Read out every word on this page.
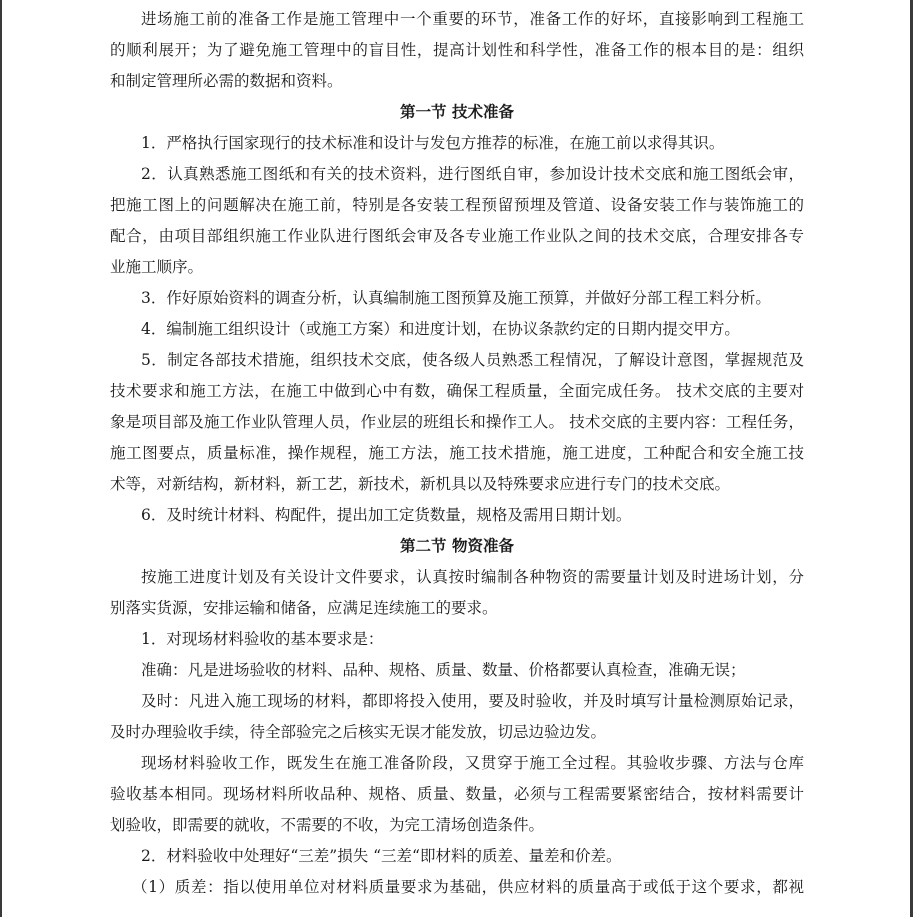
进场施工前的准备工作是施工管理中一个重要的环节，准备工作的好坏，直接影响到工程施工
的顺利展开；为了避免施工管理中的盲目性，提高计划性和科学性，准备工作的根本目的是：组织
和制定管理所必需的数据和资料。
第一节 技术准备
1．严格执行国家现行的技术标准和设计与发包方推荐的标准，在施工前以求得其识。
2．认真熟悉施工图纸和有关的技术资料，进行图纸自审，参加设计技术交底和施工图纸会审，
把施工图上的问题解决在施工前，特别是各安装工程预留预埋及管道、设备安装工作与装饰施工的
配合，由项目部组织施工作业队进行图纸会审及各专业施工作业队之间的技术交底，合理安排各专
业施工顺序。
3．作好原始资料的调查分析，认真编制施工图预算及施工预算，并做好分部工程工料分析。
4．编制施工组织设计（或施工方案）和进度计划，在协议条款约定的日期内提交甲方。
5．制定各部技术措施，组织技术交底，使各级人员熟悉工程情况，了解设计意图，掌握规范及
技术要求和施工方法，在施工中做到心中有数，确保工程质量，全面完成任务。 技术交底的主要对
象是项目部及施工作业队管理人员，作业层的班组长和操作工人。 技术交底的主要内容：工程任务，
施工图要点，质量标准，操作规程，施工方法，施工技术措施，施工进度，工种配合和安全施工技
术等，对新结构，新材料，新工艺，新技术，新机具以及特殊要求应进行专门的技术交底。
6．及时统计材料、构配件，提出加工定货数量，规格及需用日期计划。
第二节 物资准备
按施工进度计划及有关设计文件要求，认真按时编制各种物资的需要量计划及时进场计划，分
别落实货源，安排运输和储备，应满足连续施工的要求。
1．对现场材料验收的基本要求是：
准确：凡是进场验收的材料、品种、规格、质量、数量、价格都要认真检查，准确无误；
及时：凡进入施工现场的材料，都即将投入使用，要及时验收，并及时填写计量检测原始记录，
及时办理验收手续，待全部验完之后核实无误才能发放，切忌边验边发。
现场材料验收工作，既发生在施工准备阶段，又贯穿于施工全过程。其验收步骤、方法与仓库
验收基本相同。现场材料所收品种、规格、质量、数量，必须与工程需要紧密结合，按材料需要计
划验收，即需要的就收，不需要的不收，为完工清场创造条件。
2．材料验收中处理好“三差”损失 “三差“即材料的质差、量差和价差。
（1）质差：指以使用单位对材料质量要求为基础，供应材料的质量高于或低于这个要求，都视
